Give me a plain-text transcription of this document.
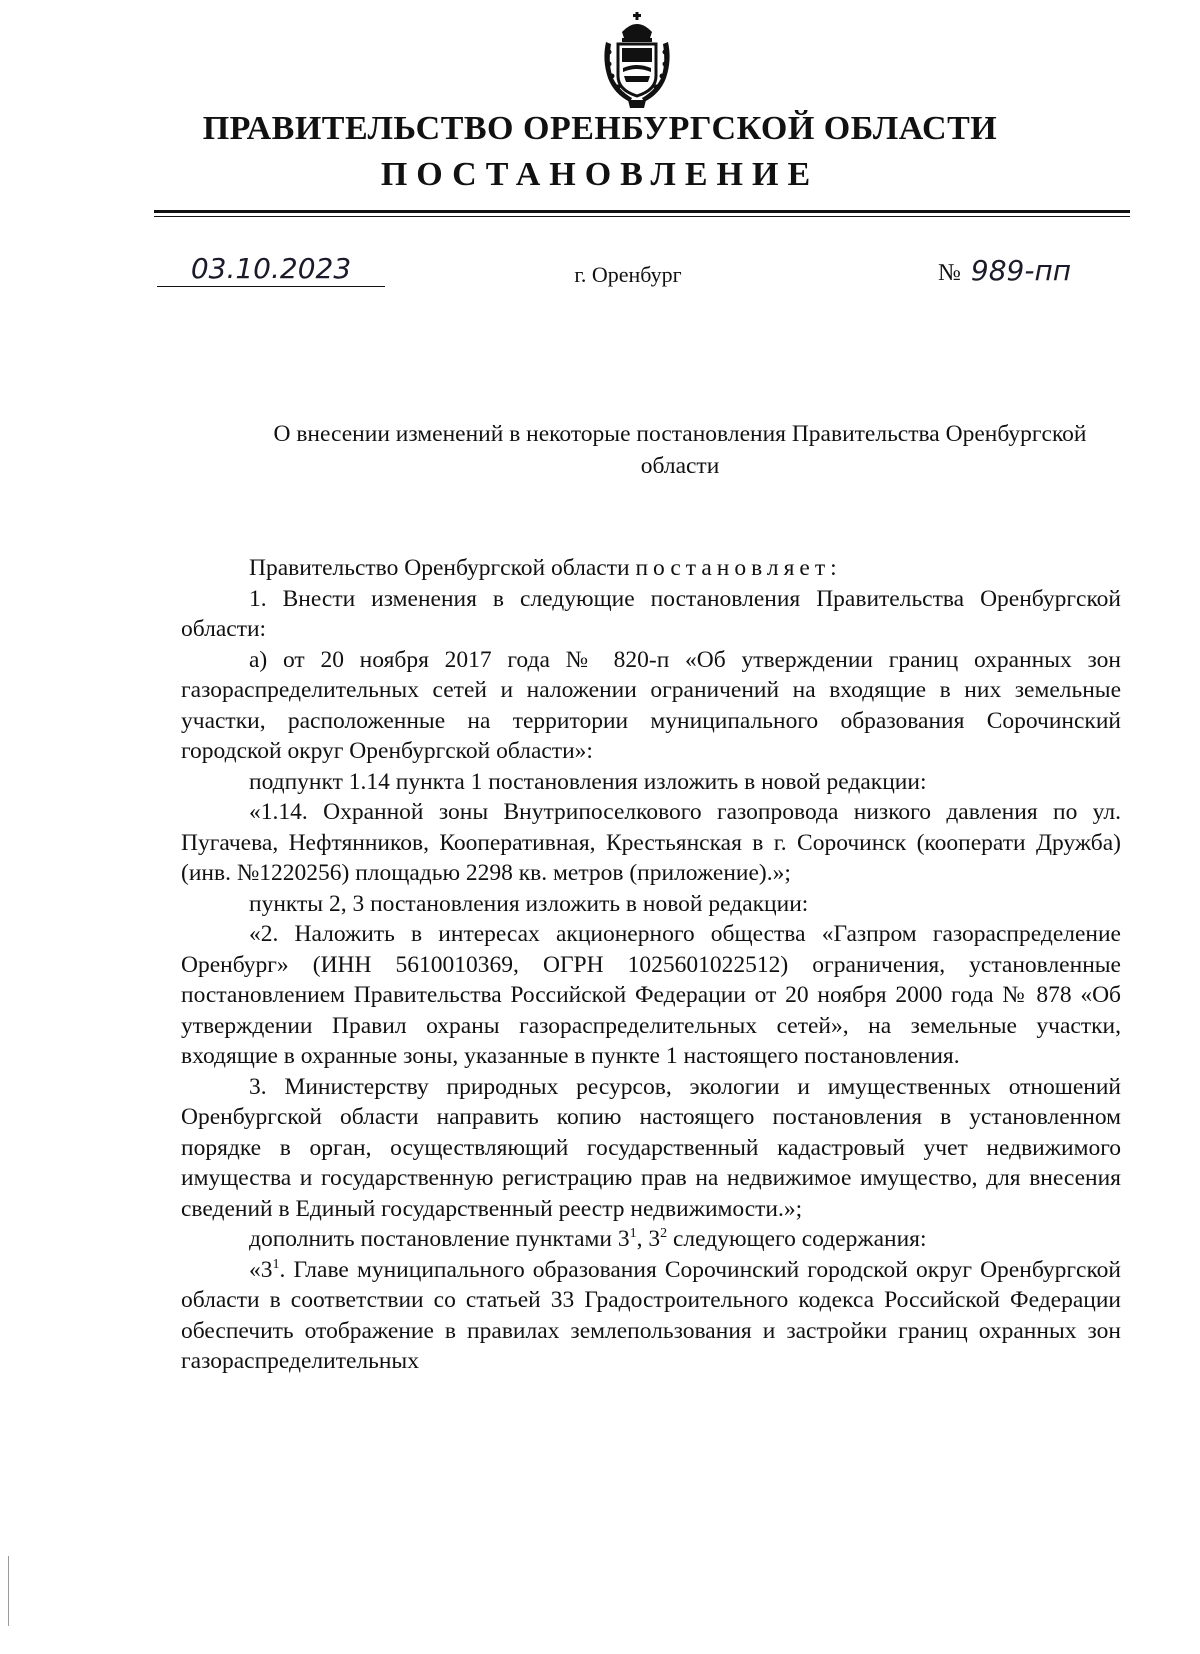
ПРАВИТЕЛЬСТВО ОРЕНБУРГСКОЙ ОБЛАСТИ
ПОСТАНОВЛЕНИЕ
03.10.2023	г. Оренбург	№ 989-пп
О внесении изменений в некоторые постановления Правительства Оренбургской области

Правительство Оренбургской области постановляет:

1. Внести изменения в следующие постановления Правительства Оренбургской области:

а) от 20 ноября 2017 года № 820-п «Об утверждении границ охранных зон газораспределительных сетей и наложении ограничений на входящие в них земельные участки, расположенные на территории муниципального образования Сорочинский городской округ Оренбургской области»:

подпункт 1.14 пункта 1 постановления изложить в новой редакции:

«1.14. Охранной зоны Внутрипоселкового газопровода низкого давления по ул. Пугачева, Нефтянников, Кооперативная, Крестьянская в г. Сорочинск (кооперати Дружба) (инв. №1220256) площадью 2298 кв. метров (приложение).»;

пункты 2, 3 постановления изложить в новой редакции:

«2. Наложить в интересах акционерного общества «Газпром газораспределение Оренбург» (ИНН 5610010369, ОГРН 1025601022512) ограничения, установленные постановлением Правительства Российской Федерации от 20 ноября 2000 года № 878 «Об утверждении Правил охраны газораспределительных сетей», на земельные участки, входящие в охранные зоны, указанные в пункте 1 настоящего постановления.

3. Министерству природных ресурсов, экологии и имущественных отношений Оренбургской области направить копию настоящего постановления в установленном порядке в орган, осуществляющий государственный кадастровый учет недвижимого имущества и государственную регистрацию прав на недвижимое имущество, для внесения сведений в Единый государственный реестр недвижимости.»;

дополнить постановление пунктами $3^1$, $3^2$ следующего содержания:

«$3^1$. Главе муниципального образования Сорочинский городской округ Оренбургской области в соответствии со статьей 33 Градостроительного кодекса Российской Федерации обеспечить отображение в правилах землепользования и застройки границ охранных зон газораспределительных
